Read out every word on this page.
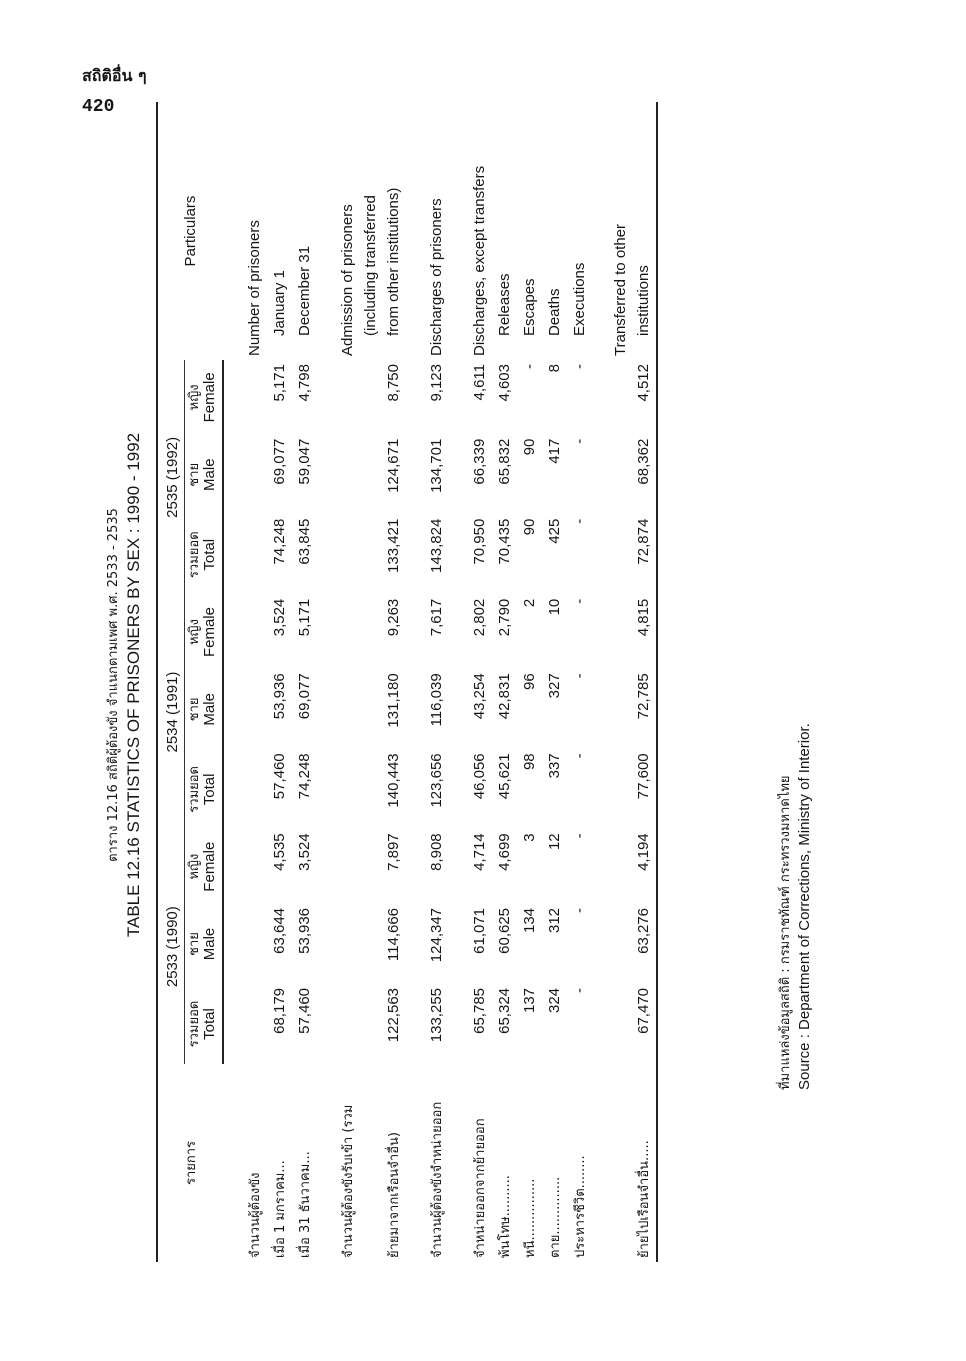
สถิติอื่น ๆ
420
ตาราง 12.16 สถิติผู้ต้องขัง จำแนกตามเพศ พ.ศ. 2533 - 2535 TABLE 12.16 STATISTICS OF PRISONERS BY SEX : 1990 - 1992
รายการ	2533 (1990)			2534 (1991)			2535 (1992)			Particulars

	รวมยอด Total	ชาย Male	หญิง Female	รวมยอด Total	ชาย Male	หญิง Female	รวมยอด Total	ชาย Male	หญิง Female	

จำนวนผู้ต้องขัง										Number of prisoners
เมื่อ 1 มกราคม...	68,179	63,644	4,535	57,460	53,936	3,524	74,248	69,077	5,171	January 1
เมื่อ 31 ธันวาคม...	57,460	53,936	3,524	74,248	69,077	5,171	63,845	59,047	4,798	December 31

จำนวนผู้ต้องขังรับเข้า (รวม										Admission of prisoners
										(including transferred
ย้ายมาจากเรือนจำอื่น)	122,563	114,666	7,897	140,443	131,180	9,263	133,421	124,671	8,750	from other institutions)

จำนวนผู้ต้องขังจำหน่ายออก	133,255	124,347	8,908	123,656	116,039	7,617	143,824	134,701	9,123	Discharges of prisoners

จำหน่ายออกจากย้ายออก	65,785	61,071	4,714	46,056	43,254	2,802	70,950	66,339	4,611	Discharges, except transfers
พ้นโทษ..........	65,324	60,625	4,699	45,621	42,831	2,790	70,435	65,832	4,603	Releases
หนี...............	137	134	3	98	96	2	90	90	-	Escapes
ตาย..............	324	312	12	337	327	10	425	417	8	Deaths
ประหารชีวิต........	-	-	-	-	-	-	-	-	-	Executions

										Transferred to other
ย้ายไปเรือนจำอื่น.....	67,470	63,276	4,194	77,600	72,785	4,815	72,874	68,362	4,512	institutions
ที่มาแหล่งข้อมูลสถิติ : กรมราชทัณฑ์ กระทรวงมหาดไทย Source : Department of Corrections, Ministry of Interior.
